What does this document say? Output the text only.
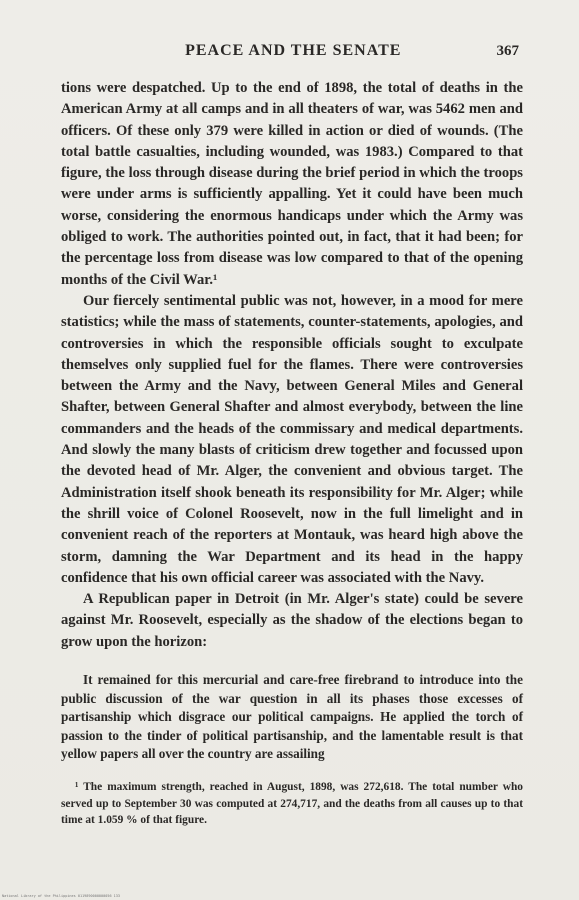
PEACE AND THE SENATE	367

tions were despatched. Up to the end of 1898, the total of deaths in the American Army at all camps and in all theaters of war, was 5462 men and officers. Of these only 379 were killed in action or died of wounds. (The total battle casualties, including wounded, was 1983.) Compared to that figure, the loss through disease during the brief period in which the troops were under arms is sufficiently appalling. Yet it could have been much worse, considering the enormous handicaps under which the Army was obliged to work. The authorities pointed out, in fact, that it had been; for the percentage loss from disease was low compared to that of the opening months of the Civil War.¹

Our fiercely sentimental public was not, however, in a mood for mere statistics; while the mass of statements, counter-statements, apologies, and controversies in which the responsible officials sought to exculpate themselves only supplied fuel for the flames. There were controversies between the Army and the Navy, between General Miles and General Shafter, between General Shafter and almost everybody, between the line commanders and the heads of the commissary and medical departments. And slowly the many blasts of criticism drew together and focussed upon the devoted head of Mr. Alger, the convenient and obvious target. The Administration itself shook beneath its responsibility for Mr. Alger; while the shrill voice of Colonel Roosevelt, now in the full limelight and in convenient reach of the reporters at Montauk, was heard high above the storm, damning the War Department and its head in the happy confidence that his own official career was associated with the Navy.

A Republican paper in Detroit (in Mr. Alger's state) could be severe against Mr. Roosevelt, especially as the shadow of the elections began to grow upon the horizon:

It remained for this mercurial and care-free firebrand to introduce into the public discussion of the war question in all its phases those excesses of partisanship which disgrace our political campaigns. He applied the torch of passion to the tinder of political partisanship, and the lamentable result is that yellow papers all over the country are assailing

¹ The maximum strength, reached in August, 1898, was 272,618. The total number who served up to September 30 was computed at 274,717, and the deaths from all causes up to that time at 1.059 % of that figure.

National Library of the Philippines 0119890000000056 133
